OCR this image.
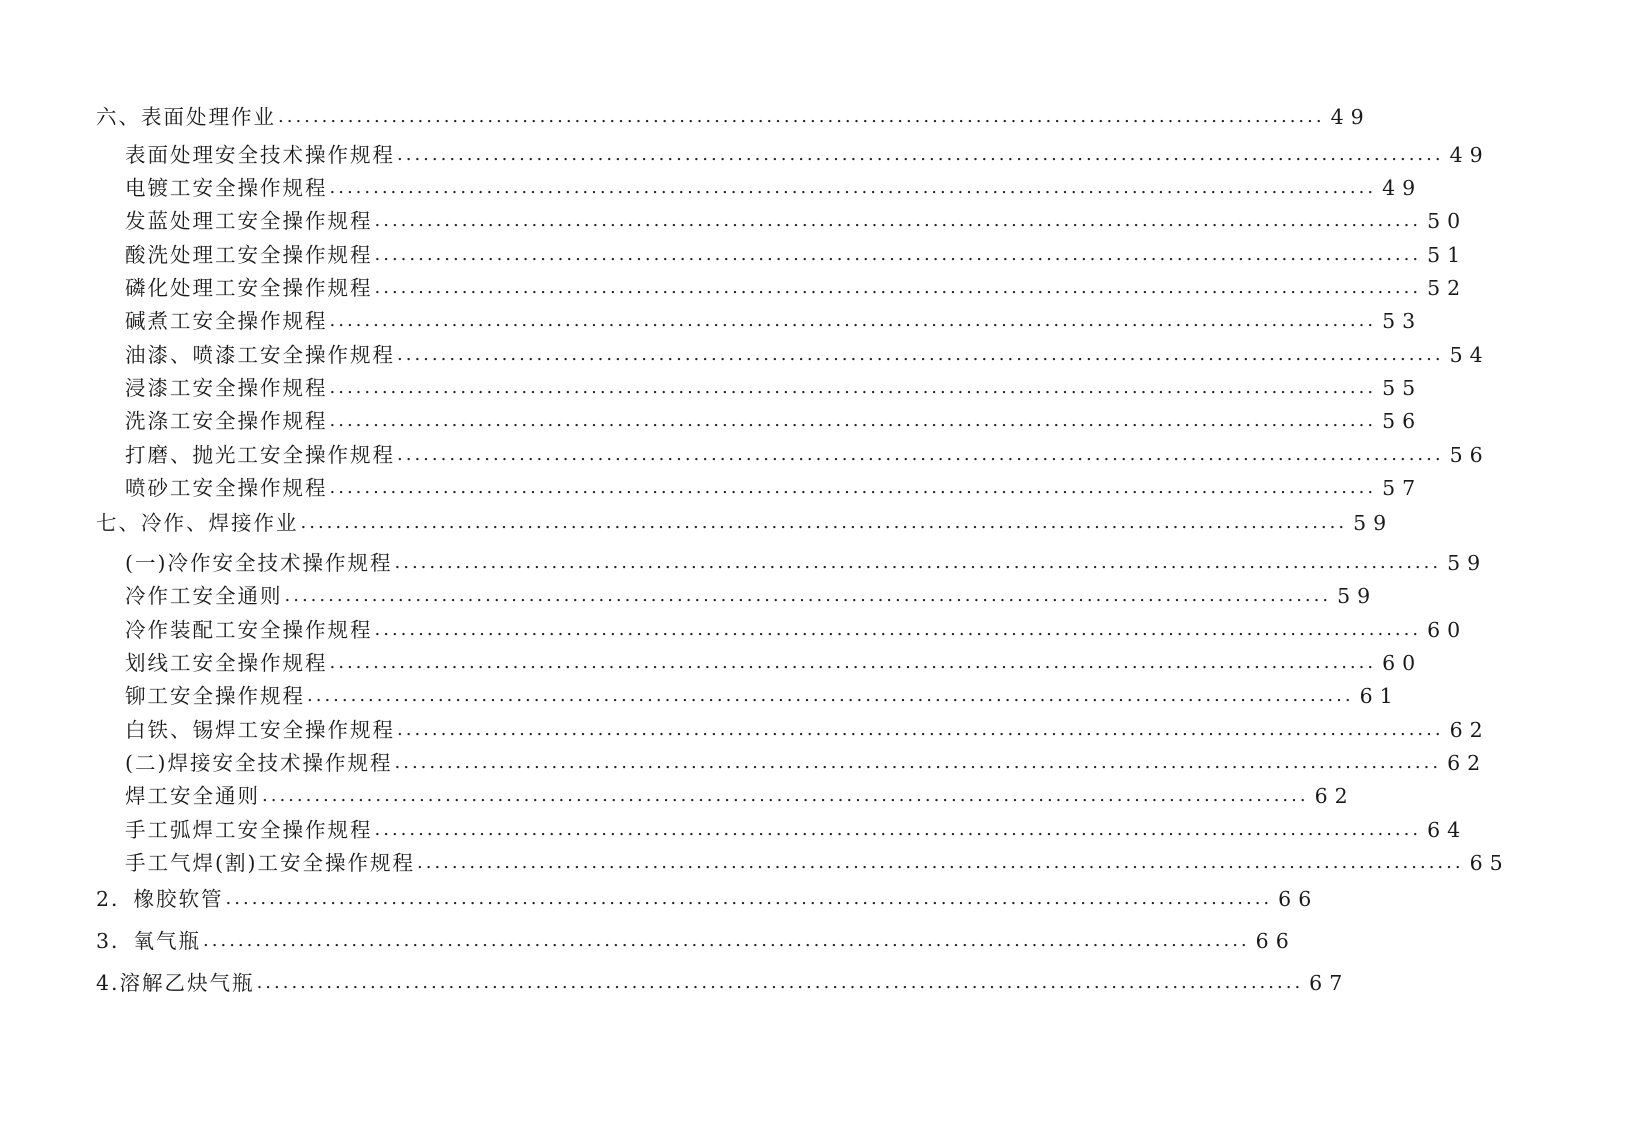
六、表面处理作业 ........................................................................................................................ 49
表面处理安全技术操作规程 ........................................................................................................................ 49
电镀工安全操作规程 ........................................................................................................................ 49
发蓝处理工安全操作规程 ........................................................................................................................ 50
酸洗处理工安全操作规程 ........................................................................................................................ 51
磷化处理工安全操作规程 ........................................................................................................................ 52
碱煮工安全操作规程 ........................................................................................................................ 53
油漆、喷漆工安全操作规程 ........................................................................................................................ 54
浸漆工安全操作规程 ........................................................................................................................ 55
洗涤工安全操作规程 ........................................................................................................................ 56
打磨、抛光工安全操作规程 ........................................................................................................................ 56
喷砂工安全操作规程 ........................................................................................................................ 57
七、冷作、焊接作业 ........................................................................................................................ 59
(一)冷作安全技术操作规程 ........................................................................................................................ 59
冷作工安全通则 ........................................................................................................................ 59
冷作装配工安全操作规程 ........................................................................................................................ 60
划线工安全操作规程 ........................................................................................................................ 60
铆工安全操作规程 ........................................................................................................................ 61
白铁、锡焊工安全操作规程 ........................................................................................................................ 62
(二)焊接安全技术操作规程 ........................................................................................................................ 62
焊工安全通则 ........................................................................................................................ 62
手工弧焊工安全操作规程 ........................................................................................................................ 64
手工气焊(割)工安全操作规程 ........................................................................................................................ 65
2．橡胶软管 ........................................................................................................................ 66
3．氧气瓶 ........................................................................................................................ 66
4.溶解乙炔气瓶 ........................................................................................................................ 67
